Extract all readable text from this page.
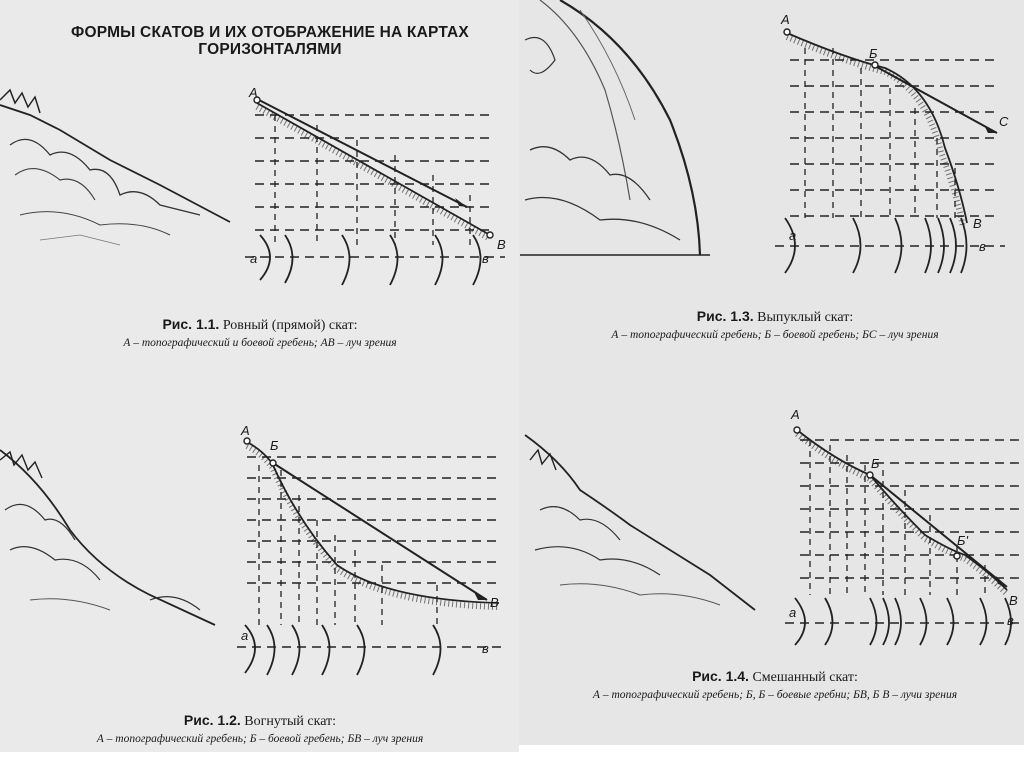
ФОРМЫ СКАТОВ И ИХ ОТОБРАЖЕНИЕ НА КАРТАХ
ГОРИЗОНТАЛЯМИ
А
В
а	в
Рис. 1.1. Ровный (прямой) скат:
А – топографический и боевой гребень; АВ – луч зрения
А
Б
В
а
в
Рис. 1.2. Вогнутый скат:
А – топографический гребень; Б – боевой гребень; БВ – луч зрения
А
Б
С
В
а
в
Рис. 1.3. Выпуклый скат:
А – топографический гребень; Б – боевой гребень; БС – луч зрения
А
Б
Б'
В
а
в
Рис. 1.4. Смешанный скат:
А – топографический гребень; Б, Б – боевые гребни; БВ, Б В – лучи зрения
